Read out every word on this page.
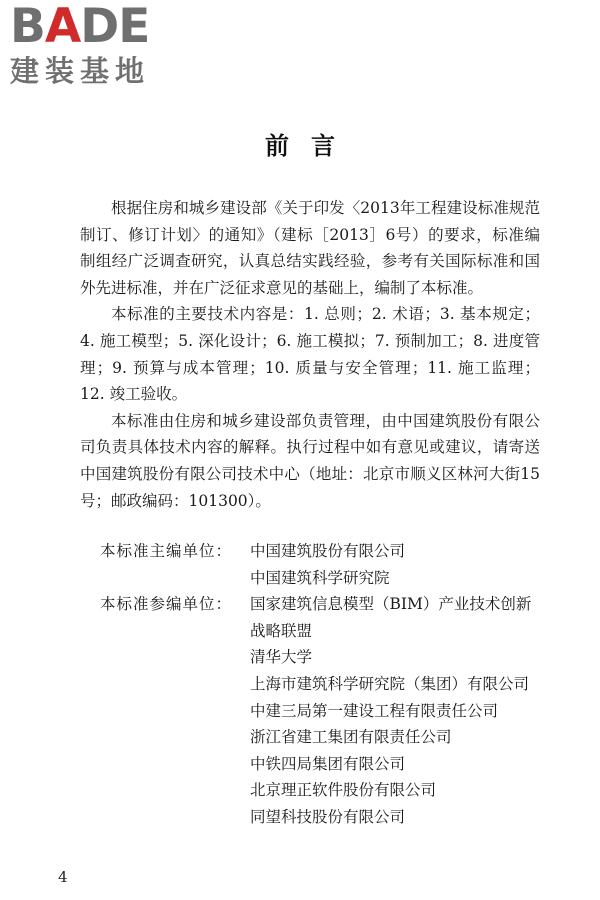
BADE
建装基地
前言

根据住房和城乡建设部《关于印发〈2013年工程建设标准规范制订、修订计划〉的通知》（建标［2013］6号）的要求，标准编制组经广泛调查研究，认真总结实践经验，参考有关国际标准和国外先进标准，并在广泛征求意见的基础上，编制了本标准。

本标准的主要技术内容是：1. 总则；2. 术语；3. 基本规定；4. 施工模型；5. 深化设计；6. 施工模拟；7. 预制加工；8. 进度管理；9. 预算与成本管理；10. 质量与安全管理；11. 施工监理；12. 竣工验收。

本标准由住房和城乡建设部负责管理，由中国建筑股份有限公司负责具体技术内容的解释。执行过程中如有意见或建议，请寄送中国建筑股份有限公司技术中心（地址：北京市顺义区林河大街15号；邮政编码：101300）。

本标准主编单位：	中国建筑股份有限公司

中国建筑科学研究院

本标准参编单位：	国家建筑信息模型（BIM）产业技术创新战略联盟

清华大学

上海市建筑科学研究院（集团）有限公司

中建三局第一建设工程有限责任公司

浙江省建工集团有限责任公司

中铁四局集团有限公司

北京理正软件股份有限公司

同望科技股份有限公司

4
